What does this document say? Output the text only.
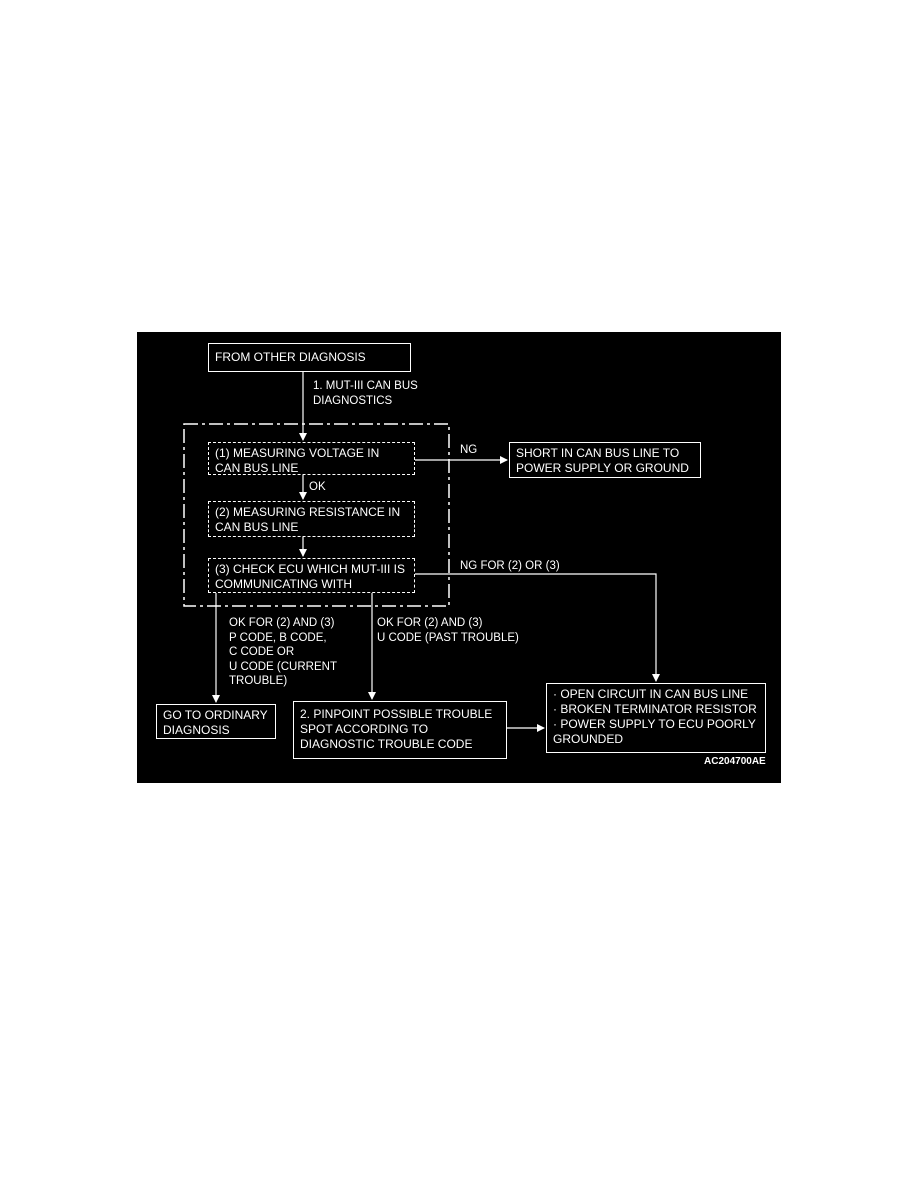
FROM OTHER DIAGNOSIS
1. MUT-III CAN BUS
DIAGNOSTICS
(1) MEASURING VOLTAGE IN
CAN BUS LINE
OK
(2) MEASURING RESISTANCE IN
CAN BUS LINE
(3) CHECK ECU WHICH MUT-III IS
COMMUNICATING WITH
NG	SHORT IN CAN BUS LINE TO
POWER SUPPLY OR GROUND
NG FOR (2) OR (3)
OK FOR (2) AND (3)
P CODE, B CODE,
C CODE OR
U CODE (CURRENT
TROUBLE)
OK FOR (2) AND (3)
U CODE (PAST TROUBLE)
GO TO ORDINARY
DIAGNOSIS
2. PINPOINT POSSIBLE TROUBLE
SPOT ACCORDING TO
DIAGNOSTIC TROUBLE CODE
· OPEN CIRCUIT IN CAN BUS LINE
· BROKEN TERMINATOR RESISTOR
· POWER SUPPLY TO ECU POORLY
GROUNDED
AC204700AE
